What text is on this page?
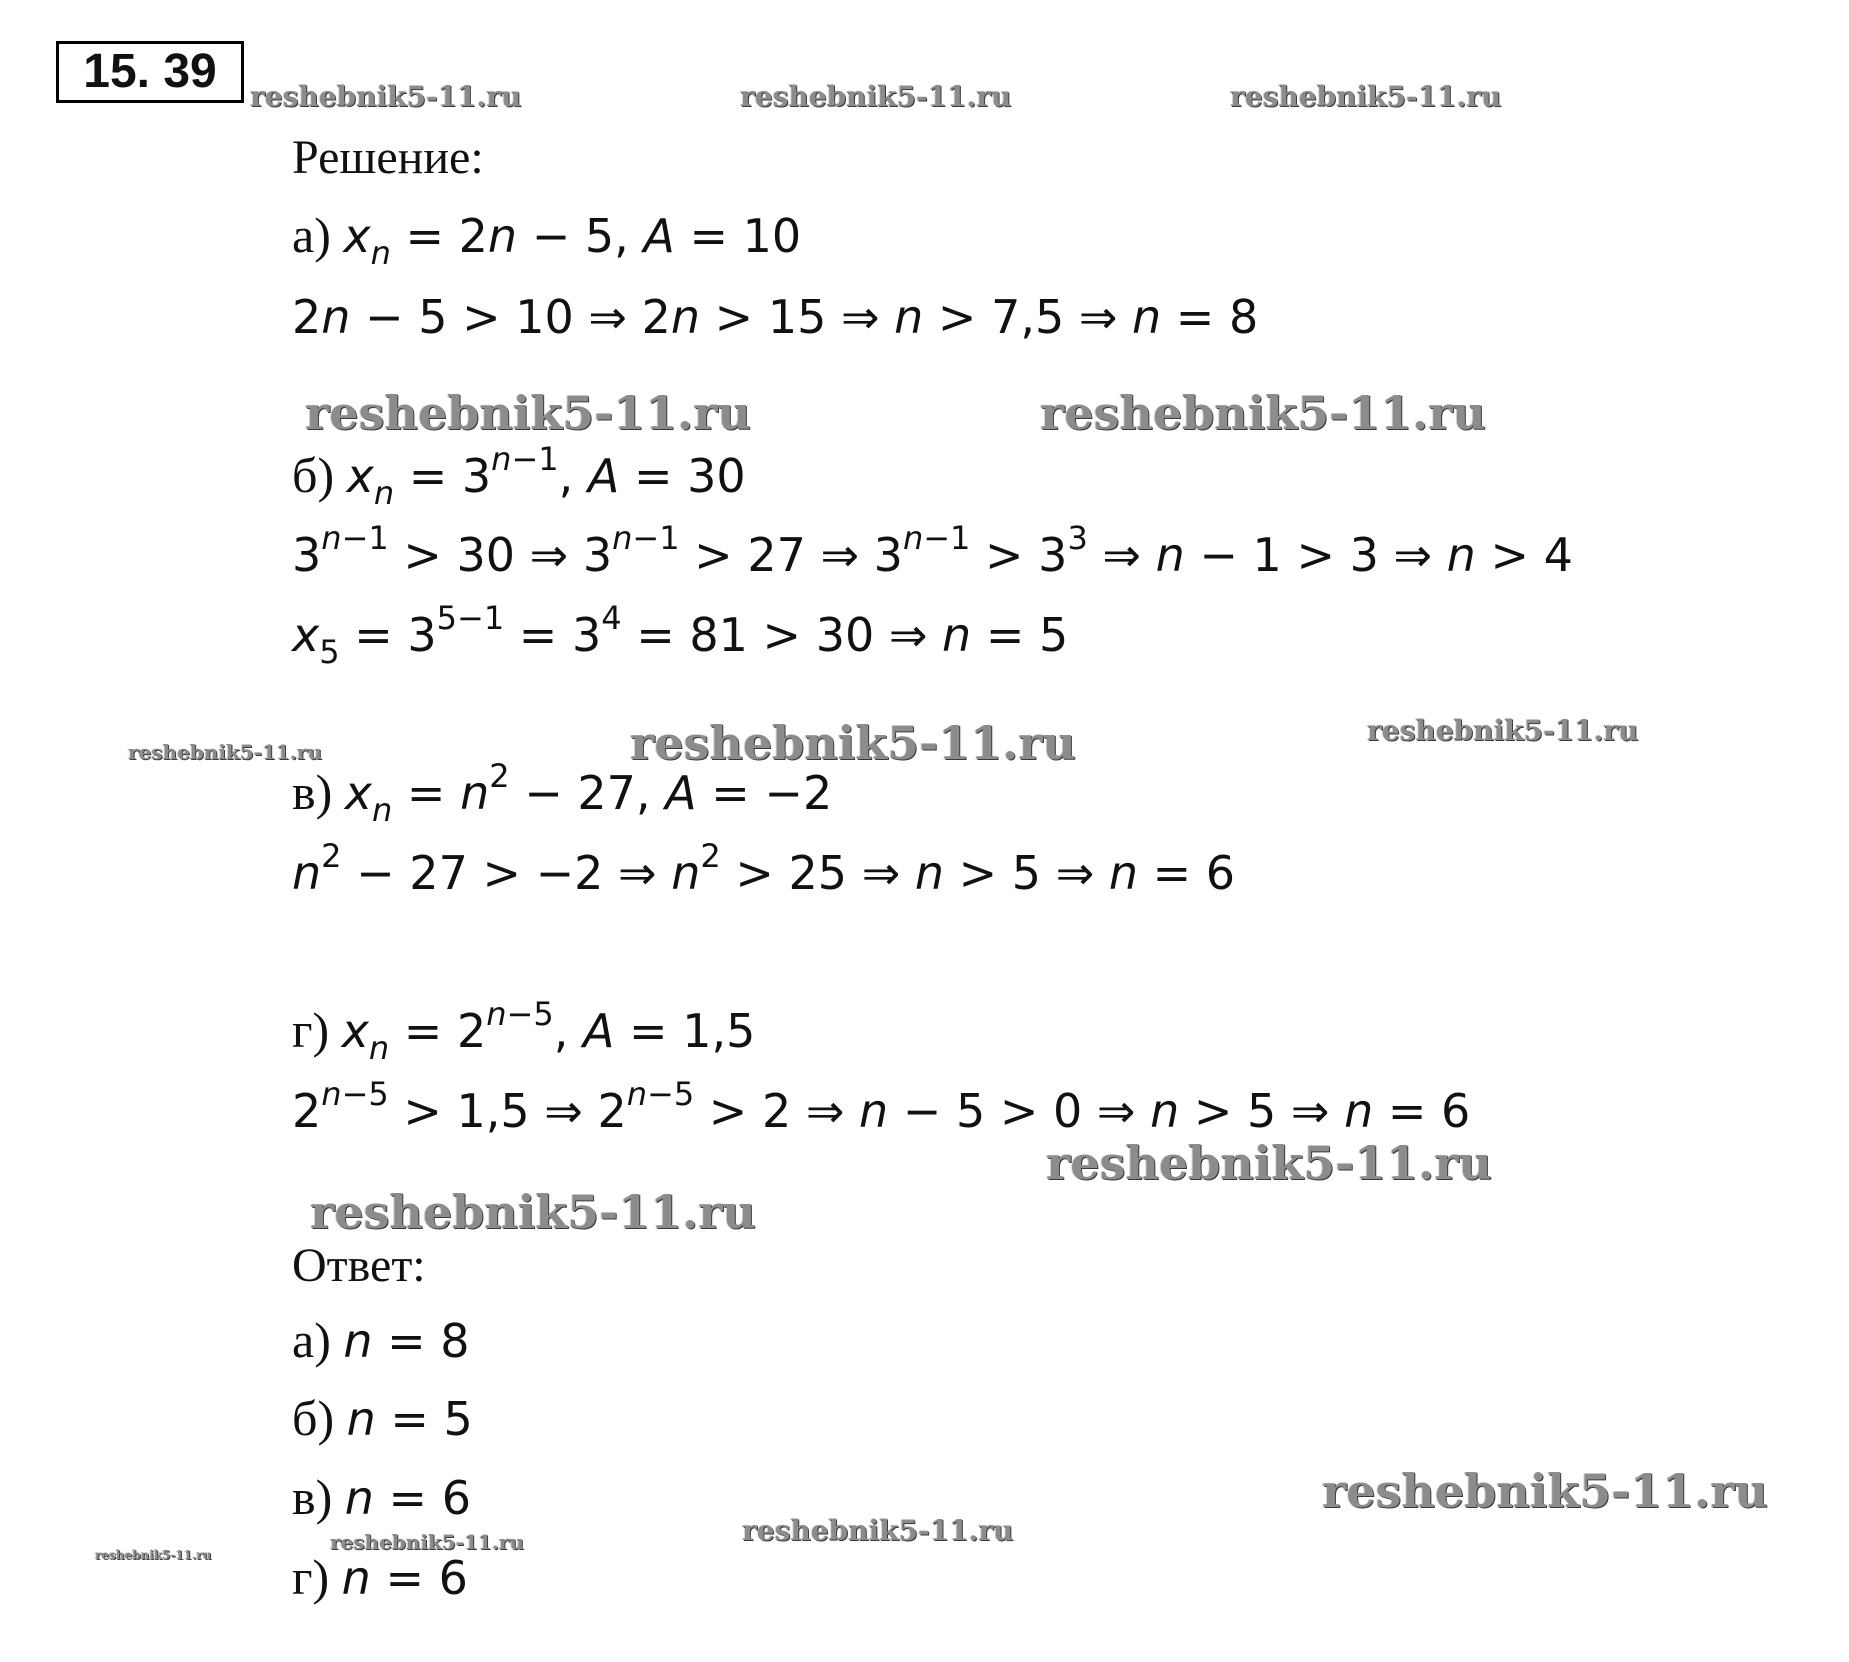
15. 39	reshebnik5-11.ru	reshebnik5-11.ru	reshebnik5-11.ru
reshebnik5-11.ru	reshebnik5-11.ru
reshebnik5-11.ru	reshebnik5-11.ru	reshebnik5-11.ru
reshebnik5-11.ru
reshebnik5-11.ru
reshebnik5-11.ru
reshebnik5-11.ru
reshebnik5-11.ru
reshebnik5-11.ru
Решение:
а) $x_n = 2n - 5$, A = 10
2n − 5 > 10 ⇒ 2n > 15 ⇒ n > 7,5 ⇒ n = 8
б) $x_n = 3^{n-1}$, A = 30
$3^{n-1} > 30$ ⇒ $3^{n-1} > 27$ ⇒ $3^{n-1} > 3^3$ ⇒ n − 1 > 3 ⇒ n > 4
$x_5 = 3^{5-1} = 3^4 = 81 > 30$ ⇒ n = 5
в) $x_n = n^2 - 27$, A = −2
$n^2 - 27 > -2$ ⇒ $n^2 > 25$ ⇒ n > 5 ⇒ n = 6
г) $x_n = 2^{n-5}$, A = 1,5
$2^{n-5} > 1,5$ ⇒ $2^{n-5} > 2$ ⇒ n − 5 > 0 ⇒ n > 5 ⇒ n = 6
Ответ:
а) n = 8
б) n = 5
в) n = 6
г) n = 6
